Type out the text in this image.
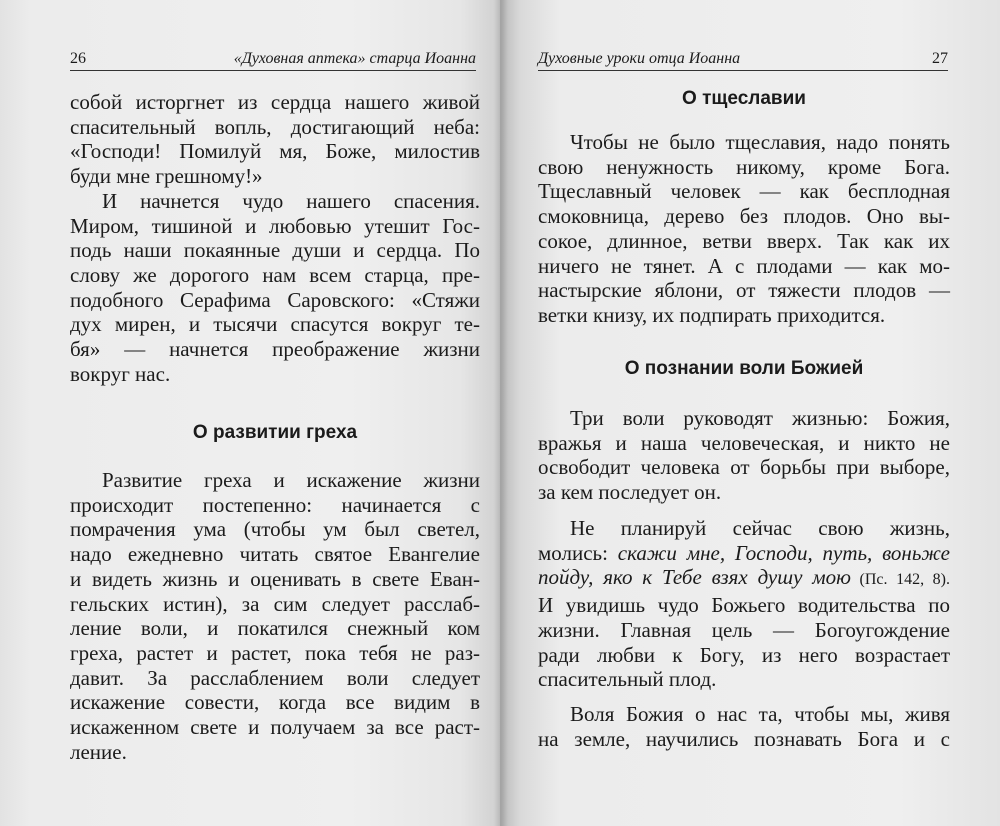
26	«Духовная аптека» старца Иоанна
собой исторгнет из сердца нашего живой
спасительный вопль, достигающий неба:
«Господи! Помилуй мя, Боже, милостив
буди мне грешному!»
И начнется чудо нашего спасения.
Миром, тишиной и любовью утешит Гос-
подь наши покаянные души и сердца. По
слову же дорогого нам всем старца, пре-
подобного Серафима Саровского: «Стяжи
дух мирен, и тысячи спасутся вокруг те-
бя» — начнется преображение жизни
вокруг нас.
О развитии греха
Развитие греха и искажение жизни
происходит постепенно: начинается с
помрачения ума (чтобы ум был светел,
надо ежедневно читать святое Евангелие
и видеть жизнь и оценивать в свете Еван-
гельских истин), за сим следует расслаб-
ление воли, и покатился снежный ком
греха, растет и растет, пока тебя не раз-
давит. За расслаблением воли следует
искажение совести, когда все видим в
искаженном свете и получаем за все раст-
ление.
Духовные уроки отца Иоанна	27
О тщеславии
Чтобы не было тщеславия, надо понять
свою ненужность никому, кроме Бога.
Тщеславный человек — как бесплодная
смоковница, дерево без плодов. Оно вы-
сокое, длинное, ветви вверх. Так как их
ничего не тянет. А с плодами — как мо-
настырские яблони, от тяжести плодов —
ветки книзу, их подпирать приходится.
О познании воли Божией
Три воли руководят жизнью: Божия,
вражья и наша человеческая, и никто не
освободит человека от борьбы при выборе,
за кем последует он.
Не планируй сейчас свою жизнь,
молись: скажи мне, Господи, путь, воньже
пойду, яко к Тебе взях душу мою (Пс. 142, 8).
И увидишь чудо Божьего водительства по
жизни. Главная цель — Богоугождение
ради любви к Богу, из него возрастает
спасительный плод.
Воля Божия о нас та, чтобы мы, живя
на земле, научились познавать Бога и с
